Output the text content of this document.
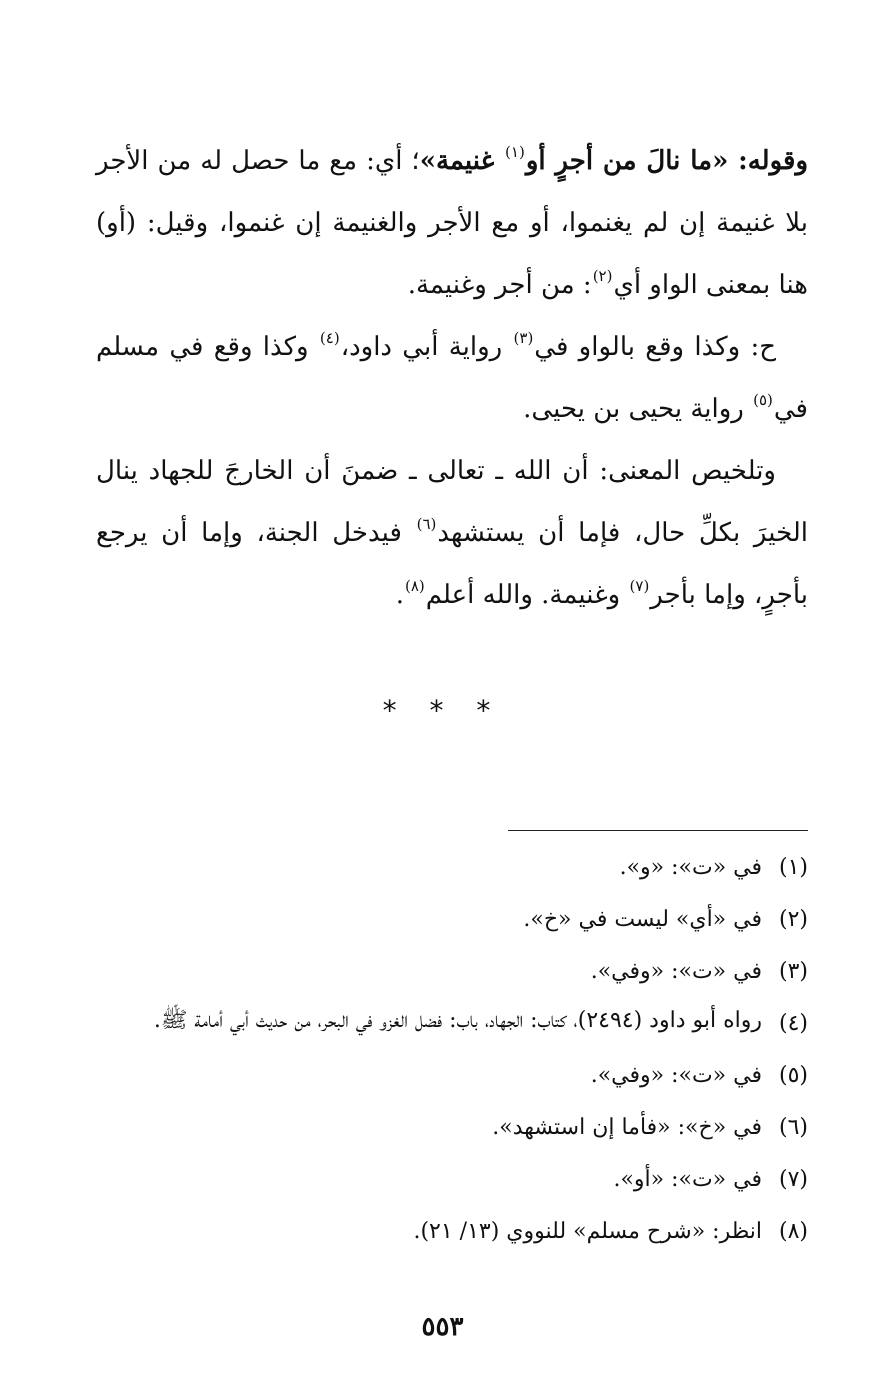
وقوله: «ما نالَ من أجرٍ أو$^{(١)}$ غنيمة»؛ أي: مع ما حصل له من الأجر بلا غنيمة إن لم يغنموا، أو مع الأجر والغنيمة إن غنموا، وقيل: (أو) هنا بمعنى الواو أي$^{(٢)}$: من أجر وغنيمة.

ح: وكذا وقع بالواو في$^{(٣)}$ رواية أبي داود،$^{(٤)}$ وكذا وقع في مسلم في$^{(٥)}$ رواية يحيى بن يحيى.

وتلخيص المعنى: أن الله ـ تعالى ـ ضمنَ أن الخارجَ للجهاد ينال الخيرَ بكلِّ حال، فإما أن يستشهد$^{(٦)}$ فيدخل الجنة، وإما أن يرجع بأجرٍ، وإما بأجر$^{(٧)}$ وغنيمة. والله أعلم$^{(٨)}$.

* * *
(١)
في «ت»: «و».
(٢)
في «أي» ليست في «خ».
(٣)
في «ت»: «وفي».
(٤)
رواه أبو داود (٢٤٩٤)، كتاب: الجهاد، باب: فضل الغزو في البحر، من حديث أبي أمامة ﷺ.
(٥)
في «ت»: «وفي».
(٦)
في «خ»: «فأما إن استشهد».
(٧)
في «ت»: «أو».
(٨)
انظر: «شرح مسلم» للنووي (١٣/ ٢١).
٥٥٣
